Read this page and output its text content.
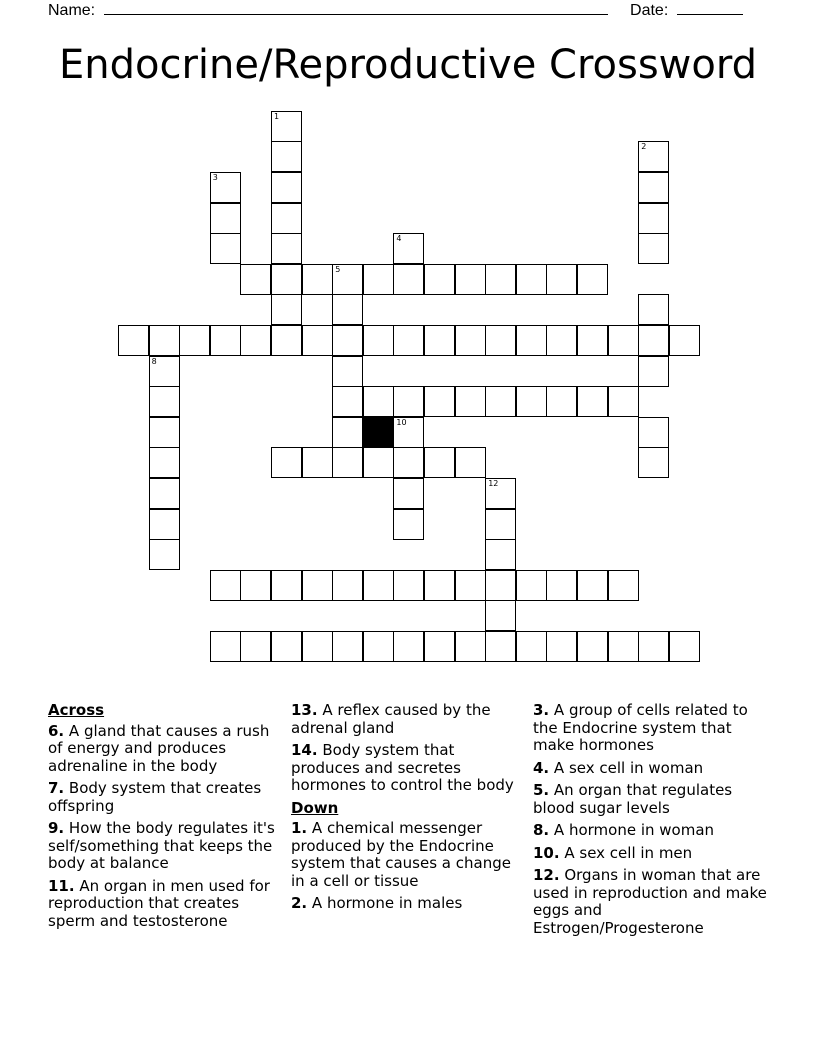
Name:	Date:
Endocrine/Reproductive Crossword
5
1
2
3
4
8
10
12
Across
6. A gland that causes a rush of energy and produces adrenaline in the body
7. Body system that creates offspring
9. How the body regulates it's self/something that keeps the body at balance
11. An organ in men used for reproduction that creates sperm and testosterone
13. A reflex caused by the adrenal gland
14. Body system that produces and secretes hormones to control the body
Down
1. A chemical messenger produced by the Endocrine system that causes a change in a cell or tissue
2. A hormone in males
3. A group of cells related to the Endocrine system that make hormones
4. A sex cell in woman
5. An organ that regulates blood sugar levels
8. A hormone in woman
10. A sex cell in men
12. Organs in woman that are used in reproduction and make eggs and Estrogen/Progesterone
